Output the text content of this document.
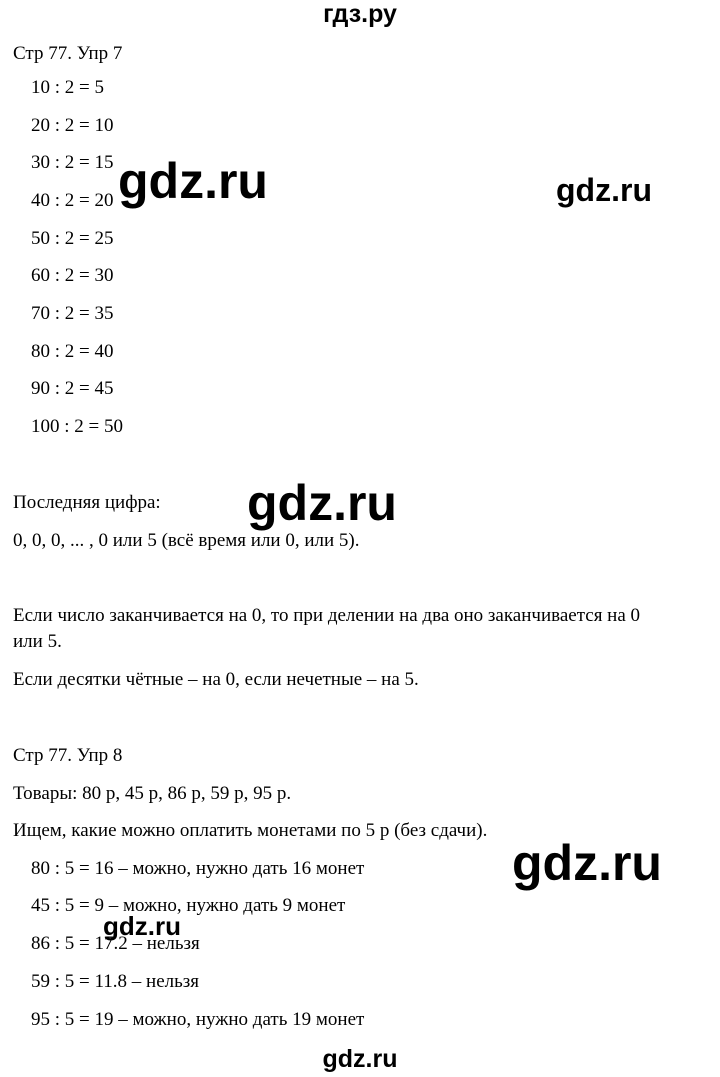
гдз.ру
Стр 77. Упр 7
10 : 2 = 5
20 : 2 = 10
30 : 2 = 15
40 : 2 = 20
50 : 2 = 25
60 : 2 = 30
70 : 2 = 35
80 : 2 = 40
90 : 2 = 45
100 : 2 = 50
Последняя цифра:
0, 0, 0, ... , 0 или 5 (всё время или 0, или 5).
Если число заканчивается на 0, то при делении на два оно заканчивается на 0
или 5.
Если десятки чётные – на 0, если нечетные – на 5.
Стр 77. Упр 8
Товары: 80 р, 45 р, 86 р, 59 р, 95 р.
Ищем, какие можно оплатить монетами по 5 р (без сдачи).
80 : 5 = 16 – можно, нужно дать 16 монет
45 : 5 = 9 – можно, нужно дать 9 монет
86 : 5 = 17.2 – нельзя
59 : 5 = 11.8 – нельзя
95 : 5 = 19 – можно, нужно дать 19 монет
gdz.ru	gdz.ru
gdz.ru
gdz.ru
gdz.ru
gdz.ru
